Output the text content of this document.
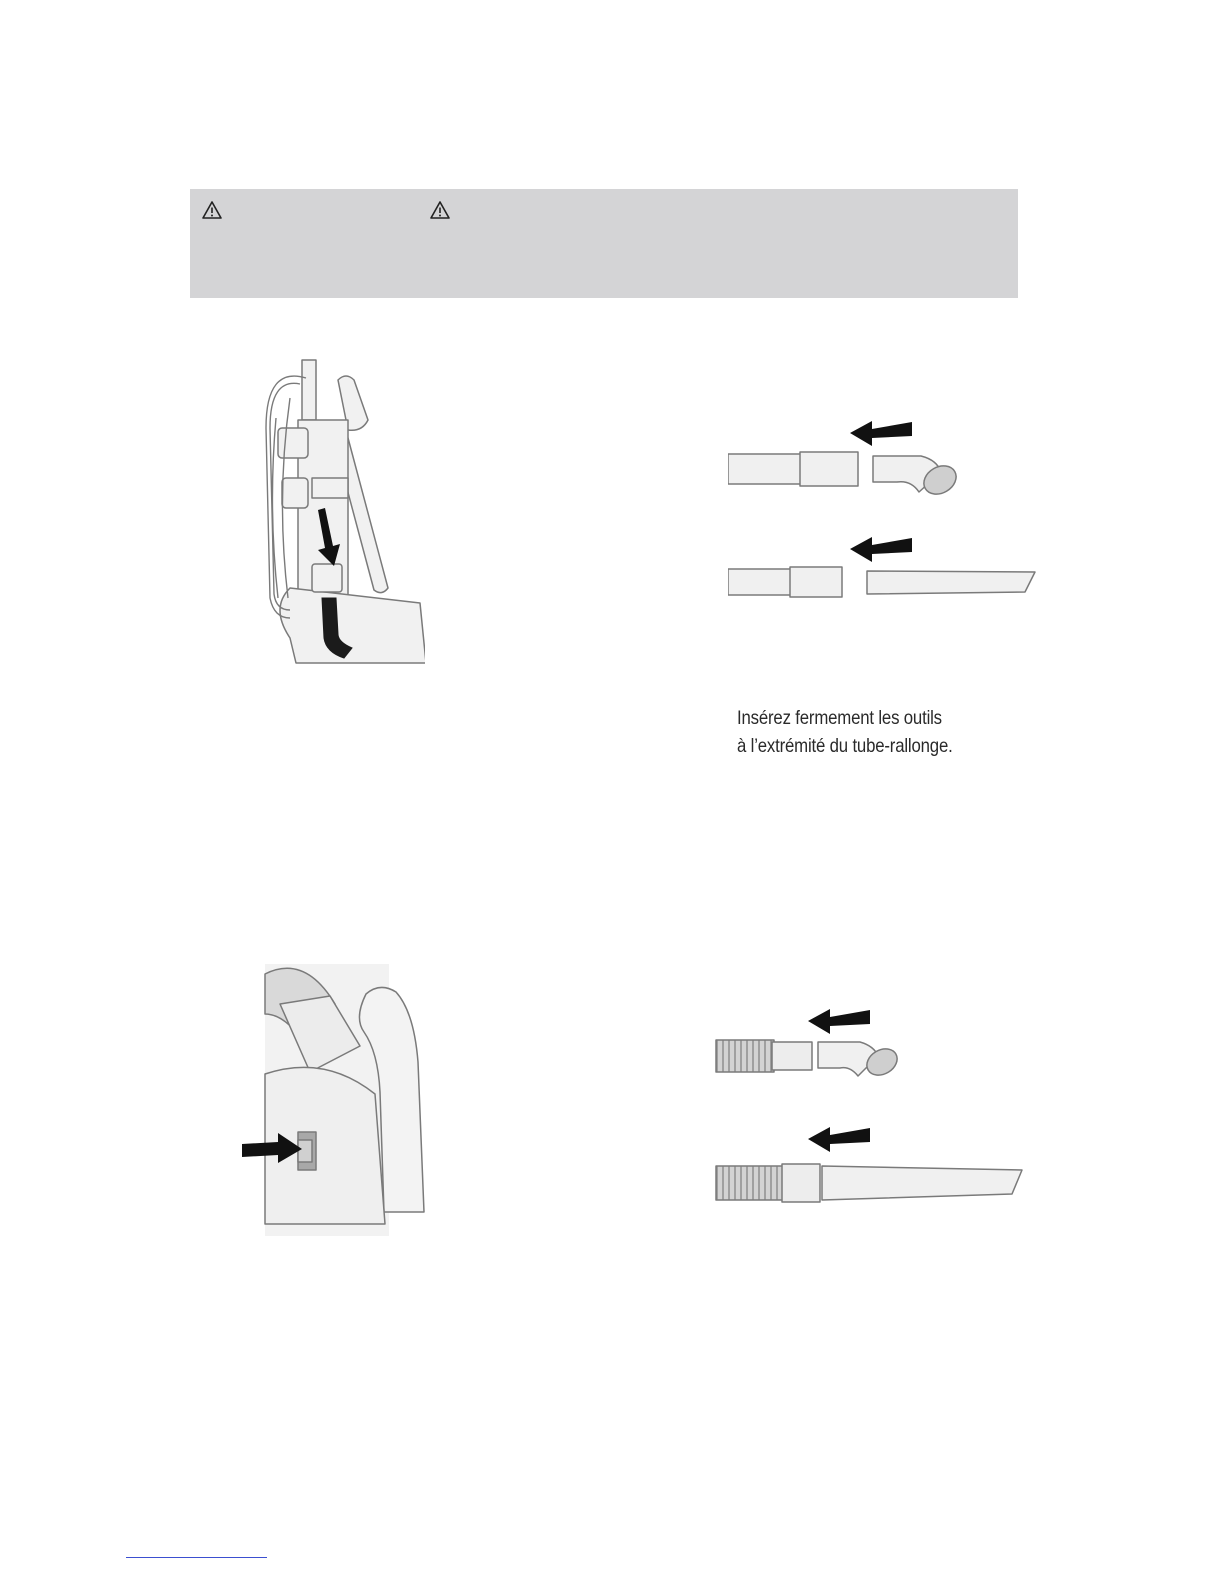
Insérez fermement les outils
à l’extrémité du tube-rallonge.
